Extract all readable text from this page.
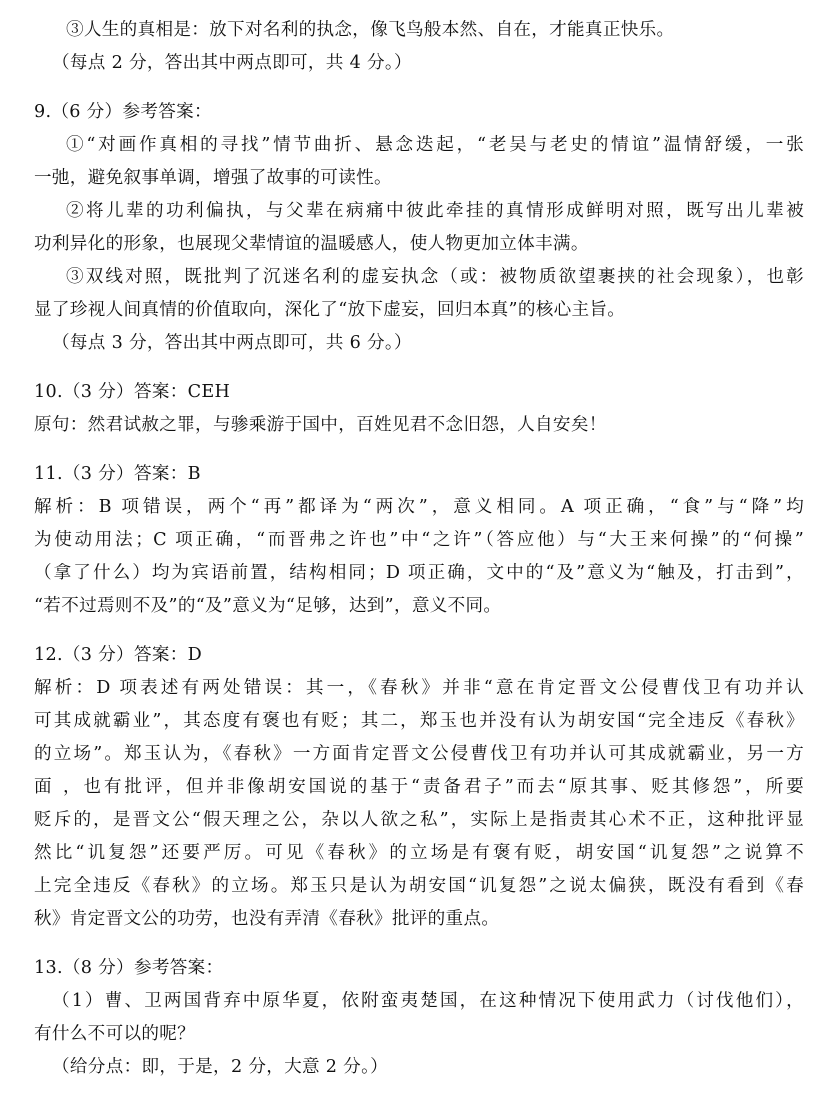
③人生的真相是：放下对名利的执念，像飞鸟般本然、自在，才能真正快乐。
（每点 2 分，答出其中两点即可，共 4 分。）
9.（6 分）参考答案：
①“对画作真相的寻找”情节曲折、悬念迭起，“老吴与老史的情谊”温情舒缓，一张
一弛，避免叙事单调，增强了故事的可读性。
②将儿辈的功利偏执，与父辈在病痛中彼此牵挂的真情形成鲜明对照，既写出儿辈被
功利异化的形象，也展现父辈情谊的温暖感人，使人物更加立体丰满。
③双线对照，既批判了沉迷名利的虚妄执念（或：被物质欲望裹挟的社会现象），也彰
显了珍视人间真情的价值取向，深化了“放下虚妄，回归本真”的核心主旨。
（每点 3 分，答出其中两点即可，共 6 分。）
10.（3 分）答案：CEH
原句：然君试赦之罪，与骖乘游于国中，百姓见君不念旧怨，人自安矣！
11.（3 分）答案：B
解析：B 项错误，两个“再”都译为“两次”，意义相同。A 项正确，“食”与“降”均
为使动用法；C 项正确，“而晋弗之许也”中“之许”（答应他）与“大王来何操”的“何操”
（拿了什么）均为宾语前置，结构相同；D 项正确，文中的“及”意义为“触及，打击到”，
“若不过焉则不及”的“及”意义为“足够，达到”，意义不同。
12.（3 分）答案：D
解析：D 项表述有两处错误：其一，《春秋》并非“意在肯定晋文公侵曹伐卫有功并认
可其成就霸业”，其态度有褒也有贬；其二，郑玉也并没有认为胡安国“完全违反《春秋》
的立场”。郑玉认为，《春秋》一方面肯定晋文公侵曹伐卫有功并认可其成就霸业，另一方
面 ，也有批评，但并非像胡安国说的基于“责备君子”而去“原其事、贬其修怨”，所要
贬斥的，是晋文公“假天理之公，杂以人欲之私”，实际上是指责其心术不正，这种批评显
然比“讥复怨”还要严厉。可见《春秋》的立场是有褒有贬，胡安国“讥复怨”之说算不
上完全违反《春秋》的立场。郑玉只是认为胡安国“讥复怨”之说太偏狭，既没有看到《春
秋》肯定晋文公的功劳，也没有弄清《春秋》批评的重点。
13.（8 分）参考答案：
（1）曹、卫两国背弃中原华夏，依附蛮夷楚国，在这种情况下使用武力（讨伐他们），
有什么不可以的呢？
（给分点：即，于是，2 分，大意 2 分。）
